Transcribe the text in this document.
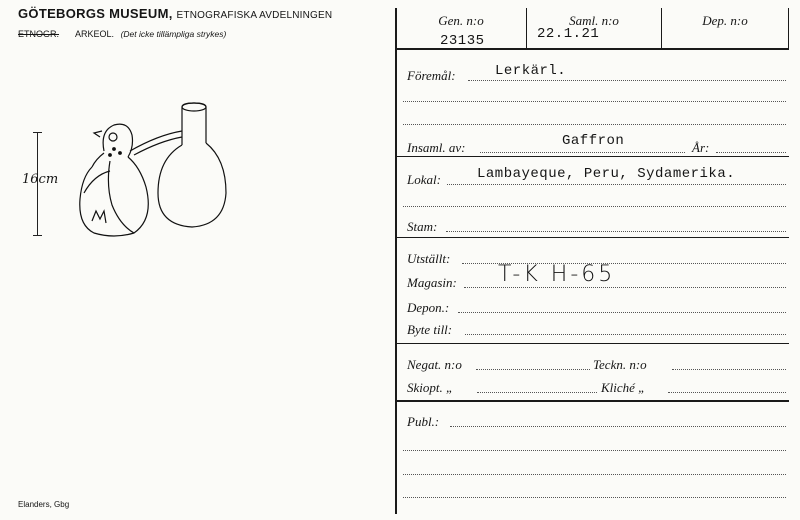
GÖTEBORGS MUSEUM, ETNOGRAFISKA AVDELNINGEN
ETNOGR. ARKEOL. (Det icke tillämpliga strykes)
16cm
Elanders, Gbg
Gen. n:o
23135
Saml. n:o
22.1.21
Dep. n:o
Föremål:	Lerkärl.
Insaml. av:	Gaffron	År:
Lokal:	Lambayeque, Peru, Sydamerika.
Stam:
Utställt:
Magasin: T-K H-65
Depon.:
Byte till:
Negat. n:o	Teckn. n:o
Skiopt. „	Kliché „
Publ.:
